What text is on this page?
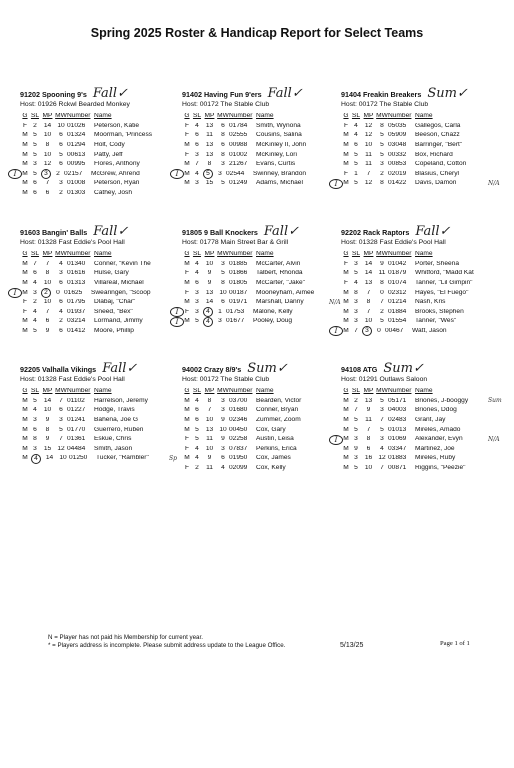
Spring 2025 Roster & Handicap Report for Select Teams
91202 Spooning 9's Fall✓
Host: 01926 Rckwl Bearded Monkey
G SL MP MW Number Name
F 2	14 10 01026	Peterson, Katie
M 5	10	6 01324	Moorman, 'Princess
M 5	8	6 01294	Holt, Cody
M 5	10	5 00613	Patty, Jeff
M 3	12	6 00995	Flores, Anthony
I M 5	3	2 02157	McGrew, Ahrend
M 6	7	3 01008	Peterson, Ryan
M 6	6	2 01303	Cathey, Josh
91402 Having Fun 9'ers Fall✓
Host: 00172 The Stable Club
G SL MP MW Number Name
F 4	13	6 01784	Smith, Wynona
F 6	11	8 02555	Cousins, Salina
M 6	13	6 00988	McKinley II, John
F 3	13	8 01002	McKinley, Lori
M 7	8	3 21267	Evans, Curtis
I M 4	5	3 02544	Swinney, Brandon
M 3	15	5 01249	Adams, Michael
91404 Freakin Breakers Sum✓
Host: 00172 The Stable Club
G SL MP MW Number Name
F 4	12	8 05035	Gallegos, Carla
M 4	12	5 05909	Beeson, Chazz
M 6	10	5 03048	Barringer, "Bert"
M 5	11	5 00332	Box, Richard
M 5	11	3 00853	Copeland, Cotton
F 1	7	2 02019	Blasius, Cheryl
I M 5	12	8 01422	Davis, Damon	N/A
91603 Bangin' Balls Fall✓
Host: 01328 Fast Eddie's Pool Hall
G SL MP MW Number Name
M 7	7	4 01340	Conner, "Kevin The
M 6	8	3 01616	Hulse, Gary
M 4	10	6 01313	Villareal, Michael
I M 3	2	0 01625	Swearingen, "Scoop
F 2	10	6 01795	Dlabaj, "Char"
F 4	7	4 01937	Sneed, "Bex"
M 4	6	2 03214	Lormand, Jimmy
M 5	9	6 01412	Moore, Phillip
91805 9 Ball Knockers Fall✓
Host: 01778 Main Street Bar & Grill
G SL MP MW Number Name
M 4	10	3 01885	McCarter, Alvin
F 4	9	5 01866	Talbert, Rhonda
M 6	9	8 01805	McCarter, "Jake"
F 3	13 10 00187	Mooneyham, Aimee
M 3	14	6 01971	Marshall, Danny	N/A
I	F 3	4	1 01753	Malone, Kelly
I M 5	4	3 01677	Pooley, Doug
92202 Rack Raptors Fall✓
Host: 01328 Fast Eddie's Pool Hall
G SL MP MW Number Name
F 3	14	9 01042	Porter, Sheena
M 5	14 11 01879	Whitford, "Madd Kat
F 4	13	8 01074	Tanner, "Lil Gimpin"
M 8	7	0 02312	Hayes, "El Fuego"
M 3	8	7 01214	Nash, Kris
M 3	7	2 01884	Brooks, Stephen
M 3	10	5 01554	Tanner, "Wes"
I M 7	3	0 00467	Watt, Jason
92205 Valhalla Vikings Fall✓
Host: 01328 Fast Eddie's Pool Hall
G SL MP MW Number Name
M 5	14	7 01102	Harrelson, Jeremy
M 4	10	6 01227	Hodge, Travis
M 3	9	3 01241	Bahena, Joe G
M 6	8	5 01770	Guerrero, Ruben
M 8	9	7 01361	Eskue, Chris
M 3	15 12 04484	Smith, Jason
M 4	14 10 01250	Tucker, "Rambler"	Sp
94002 Crazy 8/9's Sum✓
Host: 00172 The Stable Club
G SL MP MW Number Name
M 4	8	3 03700	Bearden, Victor
M 6	7	3 01680	Conner, Bryan
M 6	10	9 02346	Zummer, Zoom
M 5	13 10 00450	Cox, Gary
F 5	11	9 02258	Austin, Leisa
F 4	10	3 07837	Perkins, Erica
M 4	9	6 01950	Cox, James
F 2	11	4 02099	Cox, Kelly
94108 ATG Sum✓
Host: 01291 Outlaws Saloon
G SL MP MW Number Name
M 2	13	5 05171	Briones, J-booggy	Sum
M 7	9	3 04003	Briones, Ddog
M 5	11	7 02483	Grant, Jay
M 5	7	5 01013	Mireles, Amado
I M 3	8	3 01069	Alexander, Evyn	N/A
M 9	6	4 03347	Martinez, Joe
M 3	16 12 01883	Mireles, Ruby
M 5	10	7 00871	Riggins, "Peezie"
N = Player has not paid his Membership for current year.
* = Players address is incomplete. Please submit address update to the League Office.	5/13/25	Page 1 of 1
